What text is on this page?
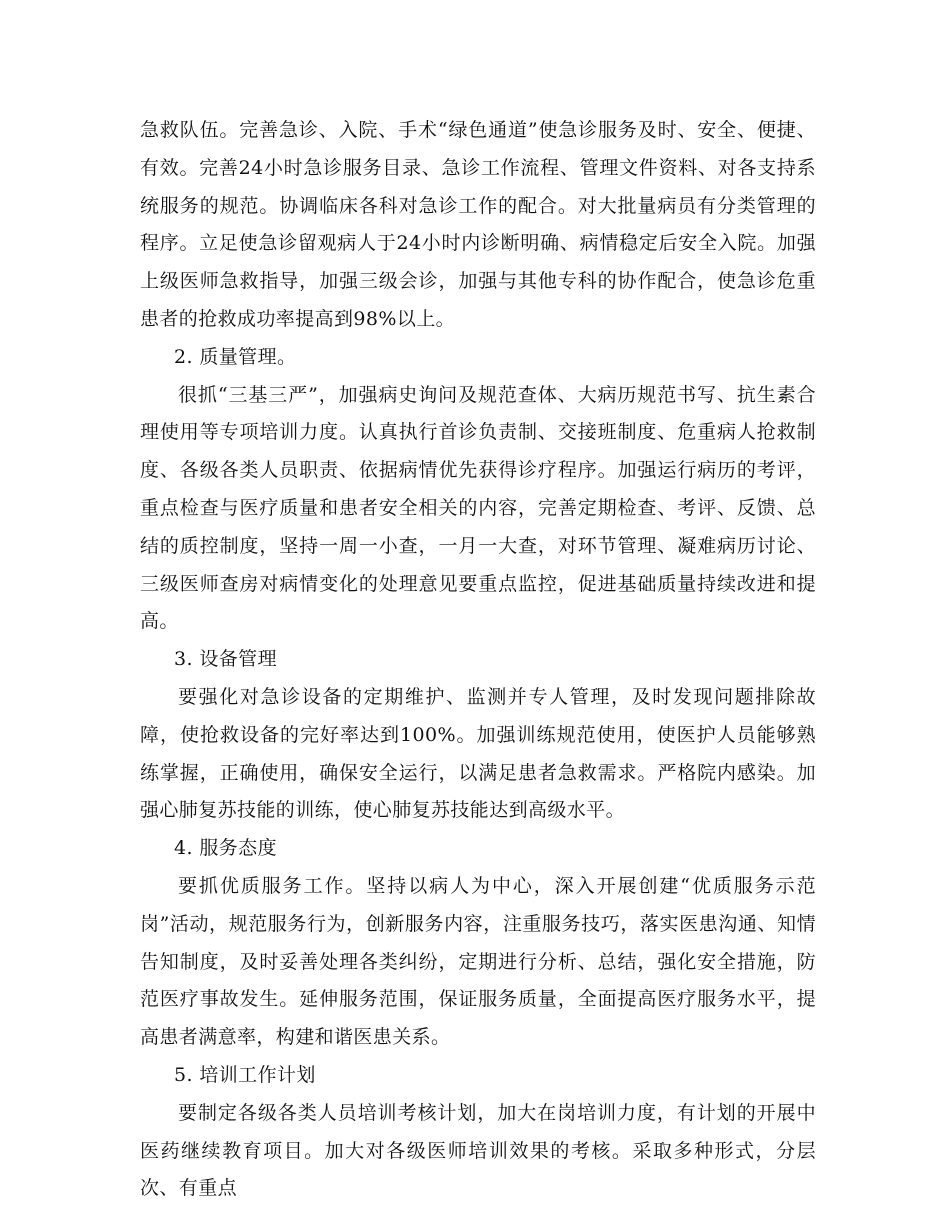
急救队伍。完善急诊、入院、手术“绿色通道”使急诊服务及时、安全、便捷、有效。完善24小时急诊服务目录、急诊工作流程、管理文件资料、对各支持系统服务的规范。协调临床各科对急诊工作的配合。对大批量病员有分类管理的程序。立足使急诊留观病人于24小时内诊断明确、病情稳定后安全入院。加强上级医师急救指导，加强三级会诊，加强与其他专科的协作配合，使急诊危重患者的抢救成功率提高到98%以上。

2. 质量管理。

很抓“三基三严”，加强病史询问及规范查体、大病历规范书写、抗生素合理使用等专项培训力度。认真执行首诊负责制、交接班制度、危重病人抢救制度、各级各类人员职责、依据病情优先获得诊疗程序。加强运行病历的考评，重点检查与医疗质量和患者安全相关的内容，完善定期检查、考评、反馈、总结的质控制度，坚持一周一小查，一月一大查，对环节管理、凝难病历讨论、三级医师查房对病情变化的处理意见要重点监控，促进基础质量持续改进和提高。

3. 设备管理

要强化对急诊设备的定期维护、监测并专人管理，及时发现问题排除故障，使抢救设备的完好率达到100%。加强训练规范使用，使医护人员能够熟练掌握，正确使用，确保安全运行，以满足患者急救需求。严格院内感染。加强心肺复苏技能的训练，使心肺复苏技能达到高级水平。

4. 服务态度

要抓优质服务工作。坚持以病人为中心，深入开展创建“优质服务示范岗”活动，规范服务行为，创新服务内容，注重服务技巧，落实医患沟通、知情告知制度，及时妥善处理各类纠纷，定期进行分析、总结，强化安全措施，防范医疗事故发生。延伸服务范围，保证服务质量，全面提高医疗服务水平，提高患者满意率，构建和谐医患关系。

5. 培训工作计划

要制定各级各类人员培训考核计划，加大在岗培训力度，有计划的开展中医药继续教育项目。加大对各级医师培训效果的考核。采取多种形式，分层次、有重点
